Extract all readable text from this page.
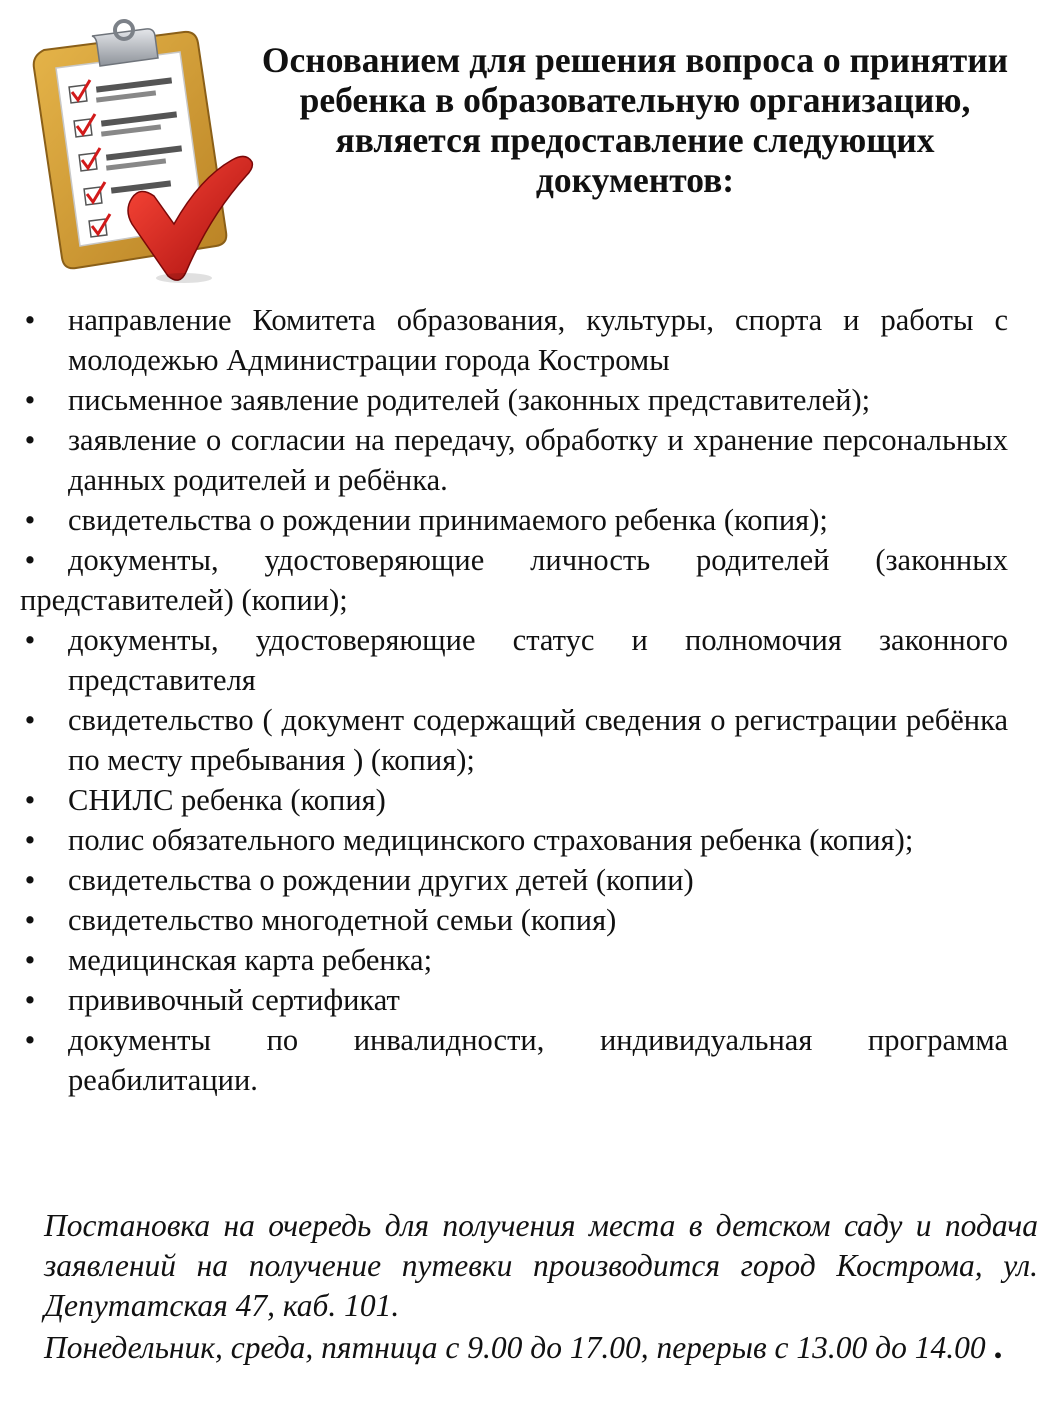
Основанием для решения вопроса о принятии ребенка в образовательную организацию, является предоставление следующих документов:
• направление Комитета образования, культуры, спорта и работы с молодежью Администрации города Костромы
• письменное заявление родителей (законных представителей);
• заявление о согласии на передачу, обработку и хранение персональных данных родителей и ребёнка.
• свидетельства о рождении принимаемого ребенка (копия);
• документы, удостоверяющие личность родителей (законных представителей) (копии);
• документы, удостоверяющие статус и полномочия законного представителя
• свидетельство ( документ содержащий сведения о регистрации ребёнка по месту пребывания ) (копия);
• СНИЛС ребенка (копия)
• полис обязательного медицинского страхования ребенка (копия);
• свидетельства о рождении других детей (копии)
• свидетельство многодетной семьи (копия)
• медицинская карта ребенка;
• прививочный сертификат
• документы по инвалидности, индивидуальная программа реабилитации.

Постановка на очередь для получения места в детском саду и подача заявлений на получение путевки производится город Кострома, ул. Депутатская 47, каб. 101.

Понедельник, среда, пятница с 9.00 до 17.00, перерыв с 13.00 до 14.00 .
